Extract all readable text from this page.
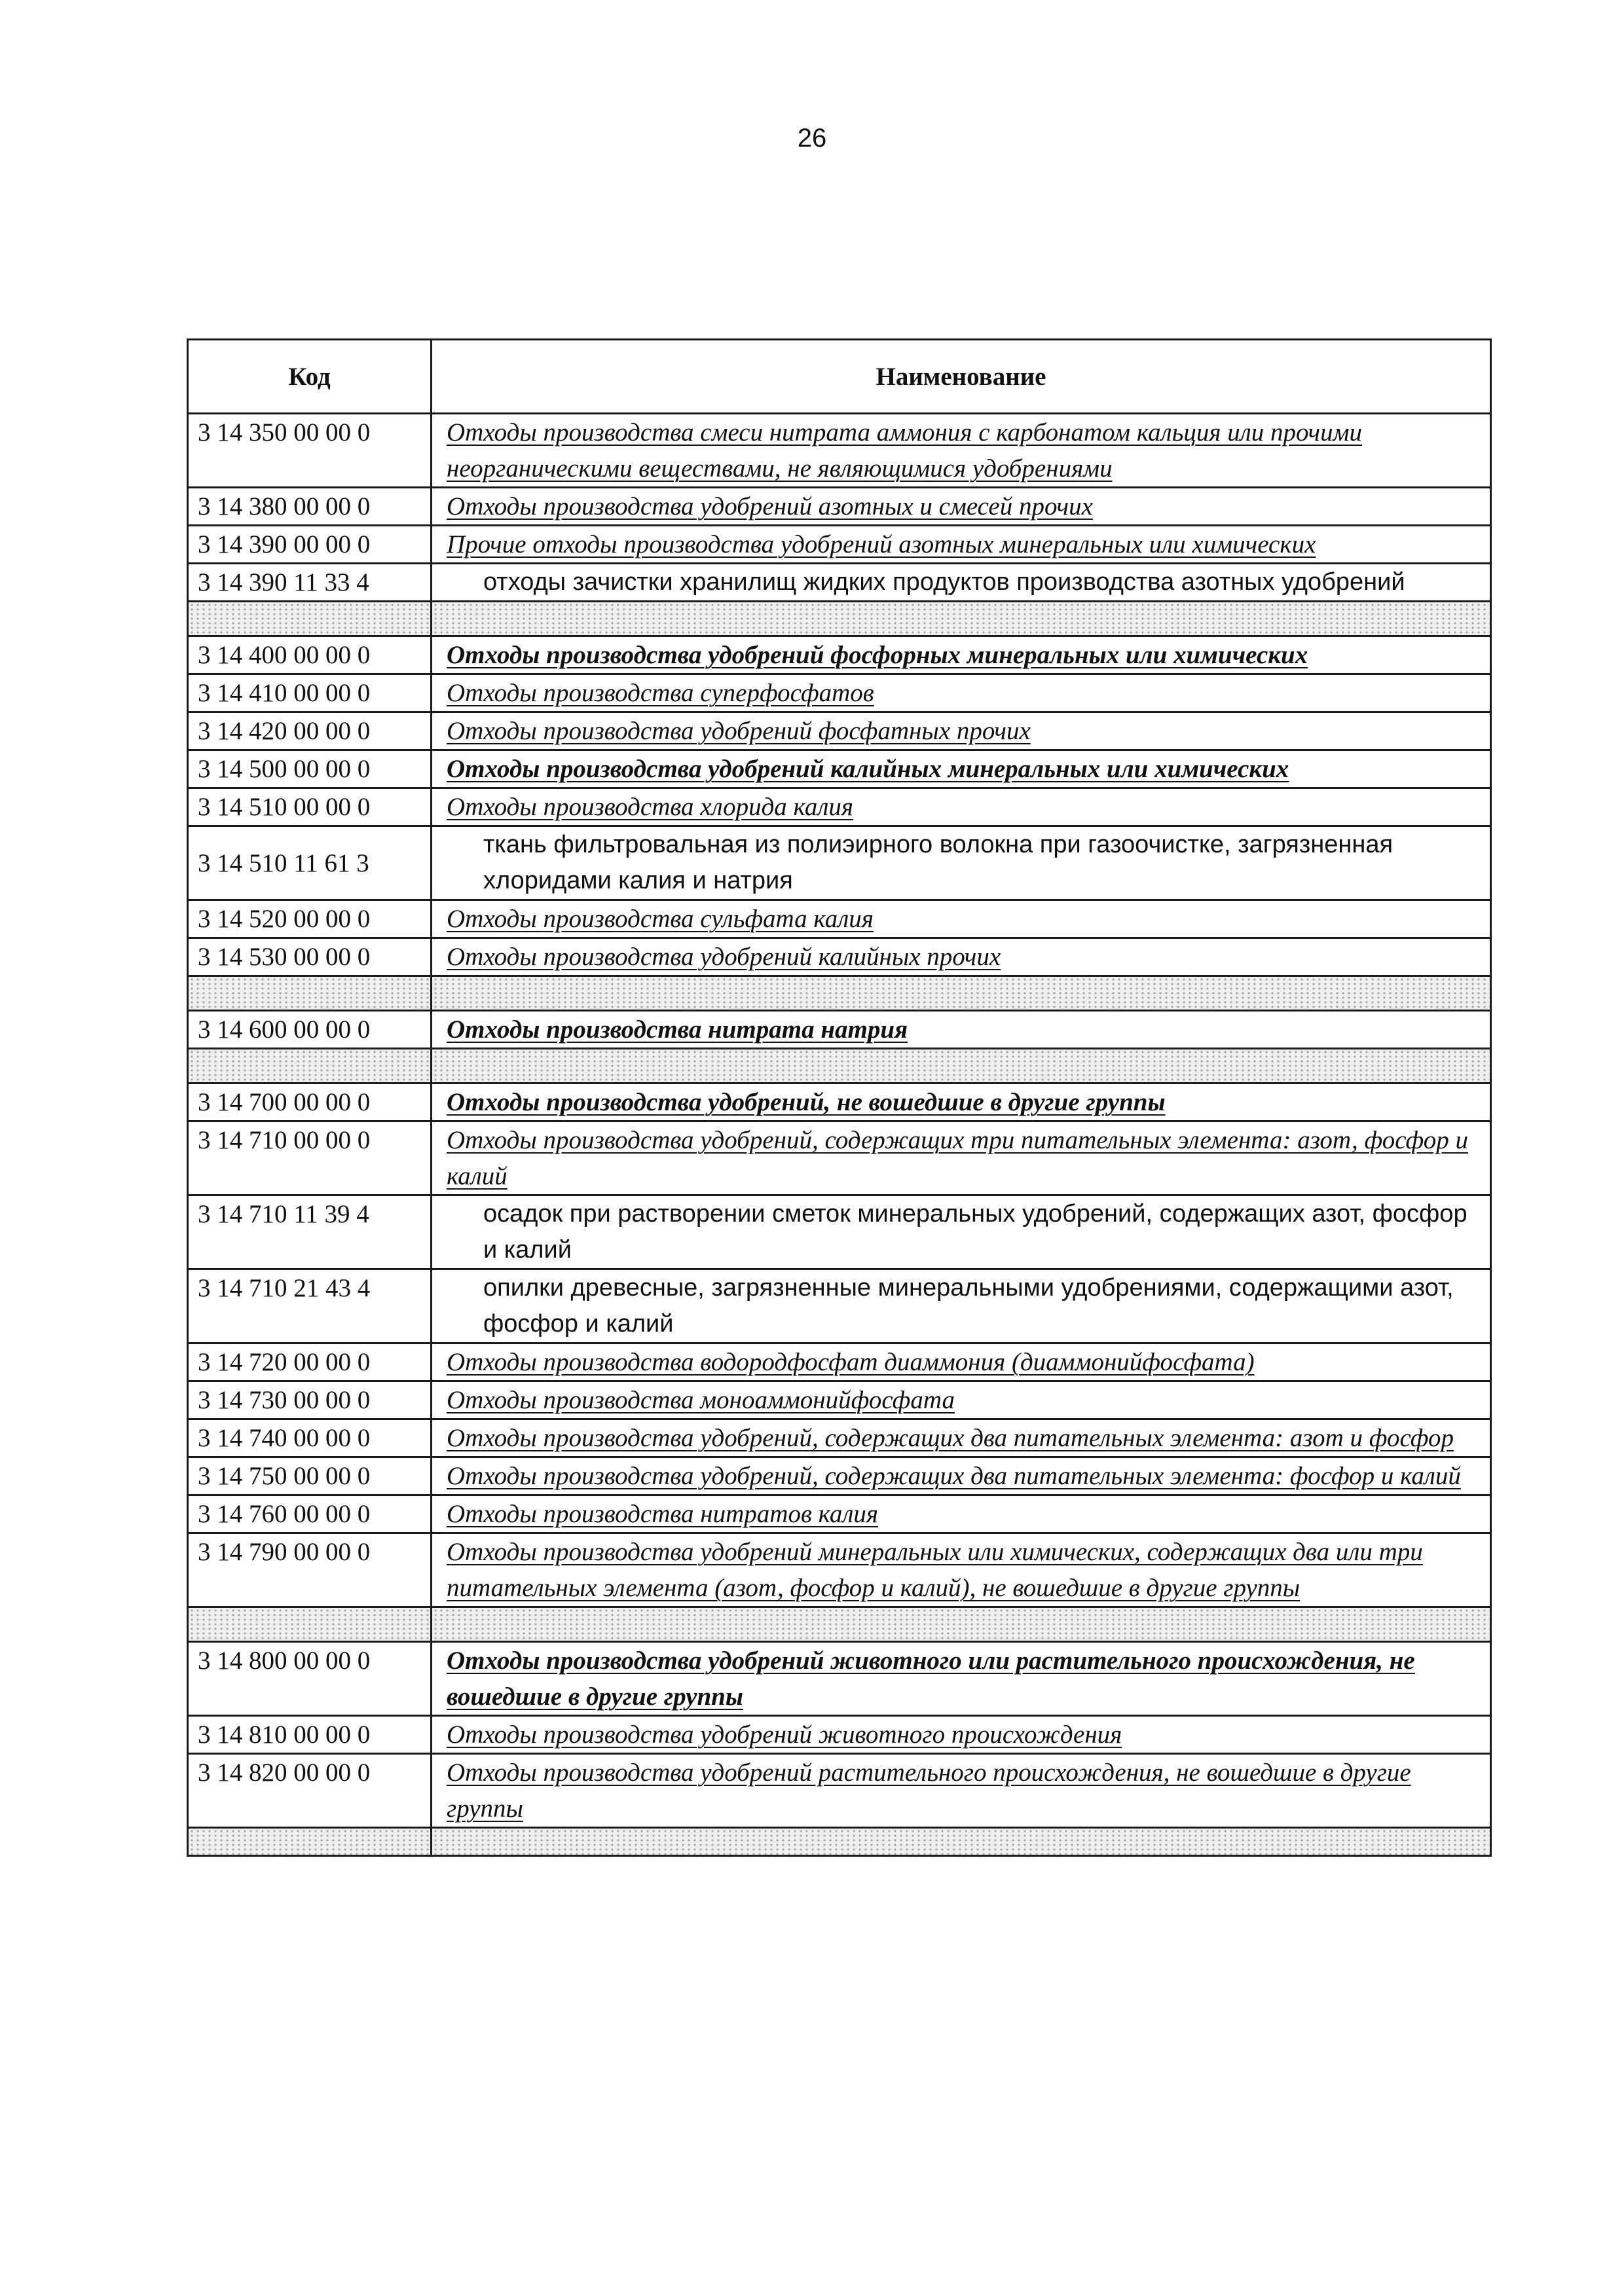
26
Код	Наименование
3 14 350 00 00 0	Отходы производства смеси нитрата аммония с карбонатом кальция или прочими неорганическими веществами, не являющимися удобрениями
3 14 380 00 00 0	Отходы производства удобрений азотных и смесей прочих
3 14 390 00 00 0	Прочие отходы производства удобрений азотных минеральных или химических
3 14 390 11 33 4	отходы зачистки хранилищ жидких продуктов производства азотных удобрений

3 14 400 00 00 0	Отходы производства удобрений фосфорных минеральных или химических
3 14 410 00 00 0	Отходы производства суперфосфатов
3 14 420 00 00 0	Отходы производства удобрений фосфатных прочих
3 14 500 00 00 0	Отходы производства удобрений калийных минеральных или химических
3 14 510 00 00 0	Отходы производства хлорида калия
3 14 510 11 61 3	ткань фильтровальная из полиэирного волокна при газоочистке, загрязненная хлоридами калия и натрия
3 14 520 00 00 0	Отходы производства сульфата калия
3 14 530 00 00 0	Отходы производства удобрений калийных прочих

3 14 600 00 00 0	Отходы производства нитрата натрия

3 14 700 00 00 0	Отходы производства удобрений, не вошедшие в другие группы
3 14 710 00 00 0	Отходы производства удобрений, содержащих три питательных элемента: азот, фосфор и калий
3 14 710 11 39 4	осадок при растворении сметок минеральных удобрений, содержащих азот, фосфор и калий
3 14 710 21 43 4	опилки древесные, загрязненные минеральными удобрениями, содержащими азот, фосфор и калий
3 14 720 00 00 0	Отходы производства водородфосфат диаммония (диаммонийфосфата)
3 14 730 00 00 0	Отходы производства моноаммонийфосфата
3 14 740 00 00 0	Отходы производства удобрений, содержащих два питательных элемента: азот и фосфор
3 14 750 00 00 0	Отходы производства удобрений, содержащих два питательных элемента: фосфор и калий
3 14 760 00 00 0	Отходы производства нитратов калия
3 14 790 00 00 0	Отходы производства удобрений минеральных или химических, содержащих два или три питательных элемента (азот, фосфор и калий), не вошедшие в другие группы

3 14 800 00 00 0	Отходы производства удобрений животного или растительного происхождения, не вошедшие в другие группы
3 14 810 00 00 0	Отходы производства удобрений животного происхождения
3 14 820 00 00 0	Отходы производства удобрений растительного происхождения, не вошедшие в другие группы
